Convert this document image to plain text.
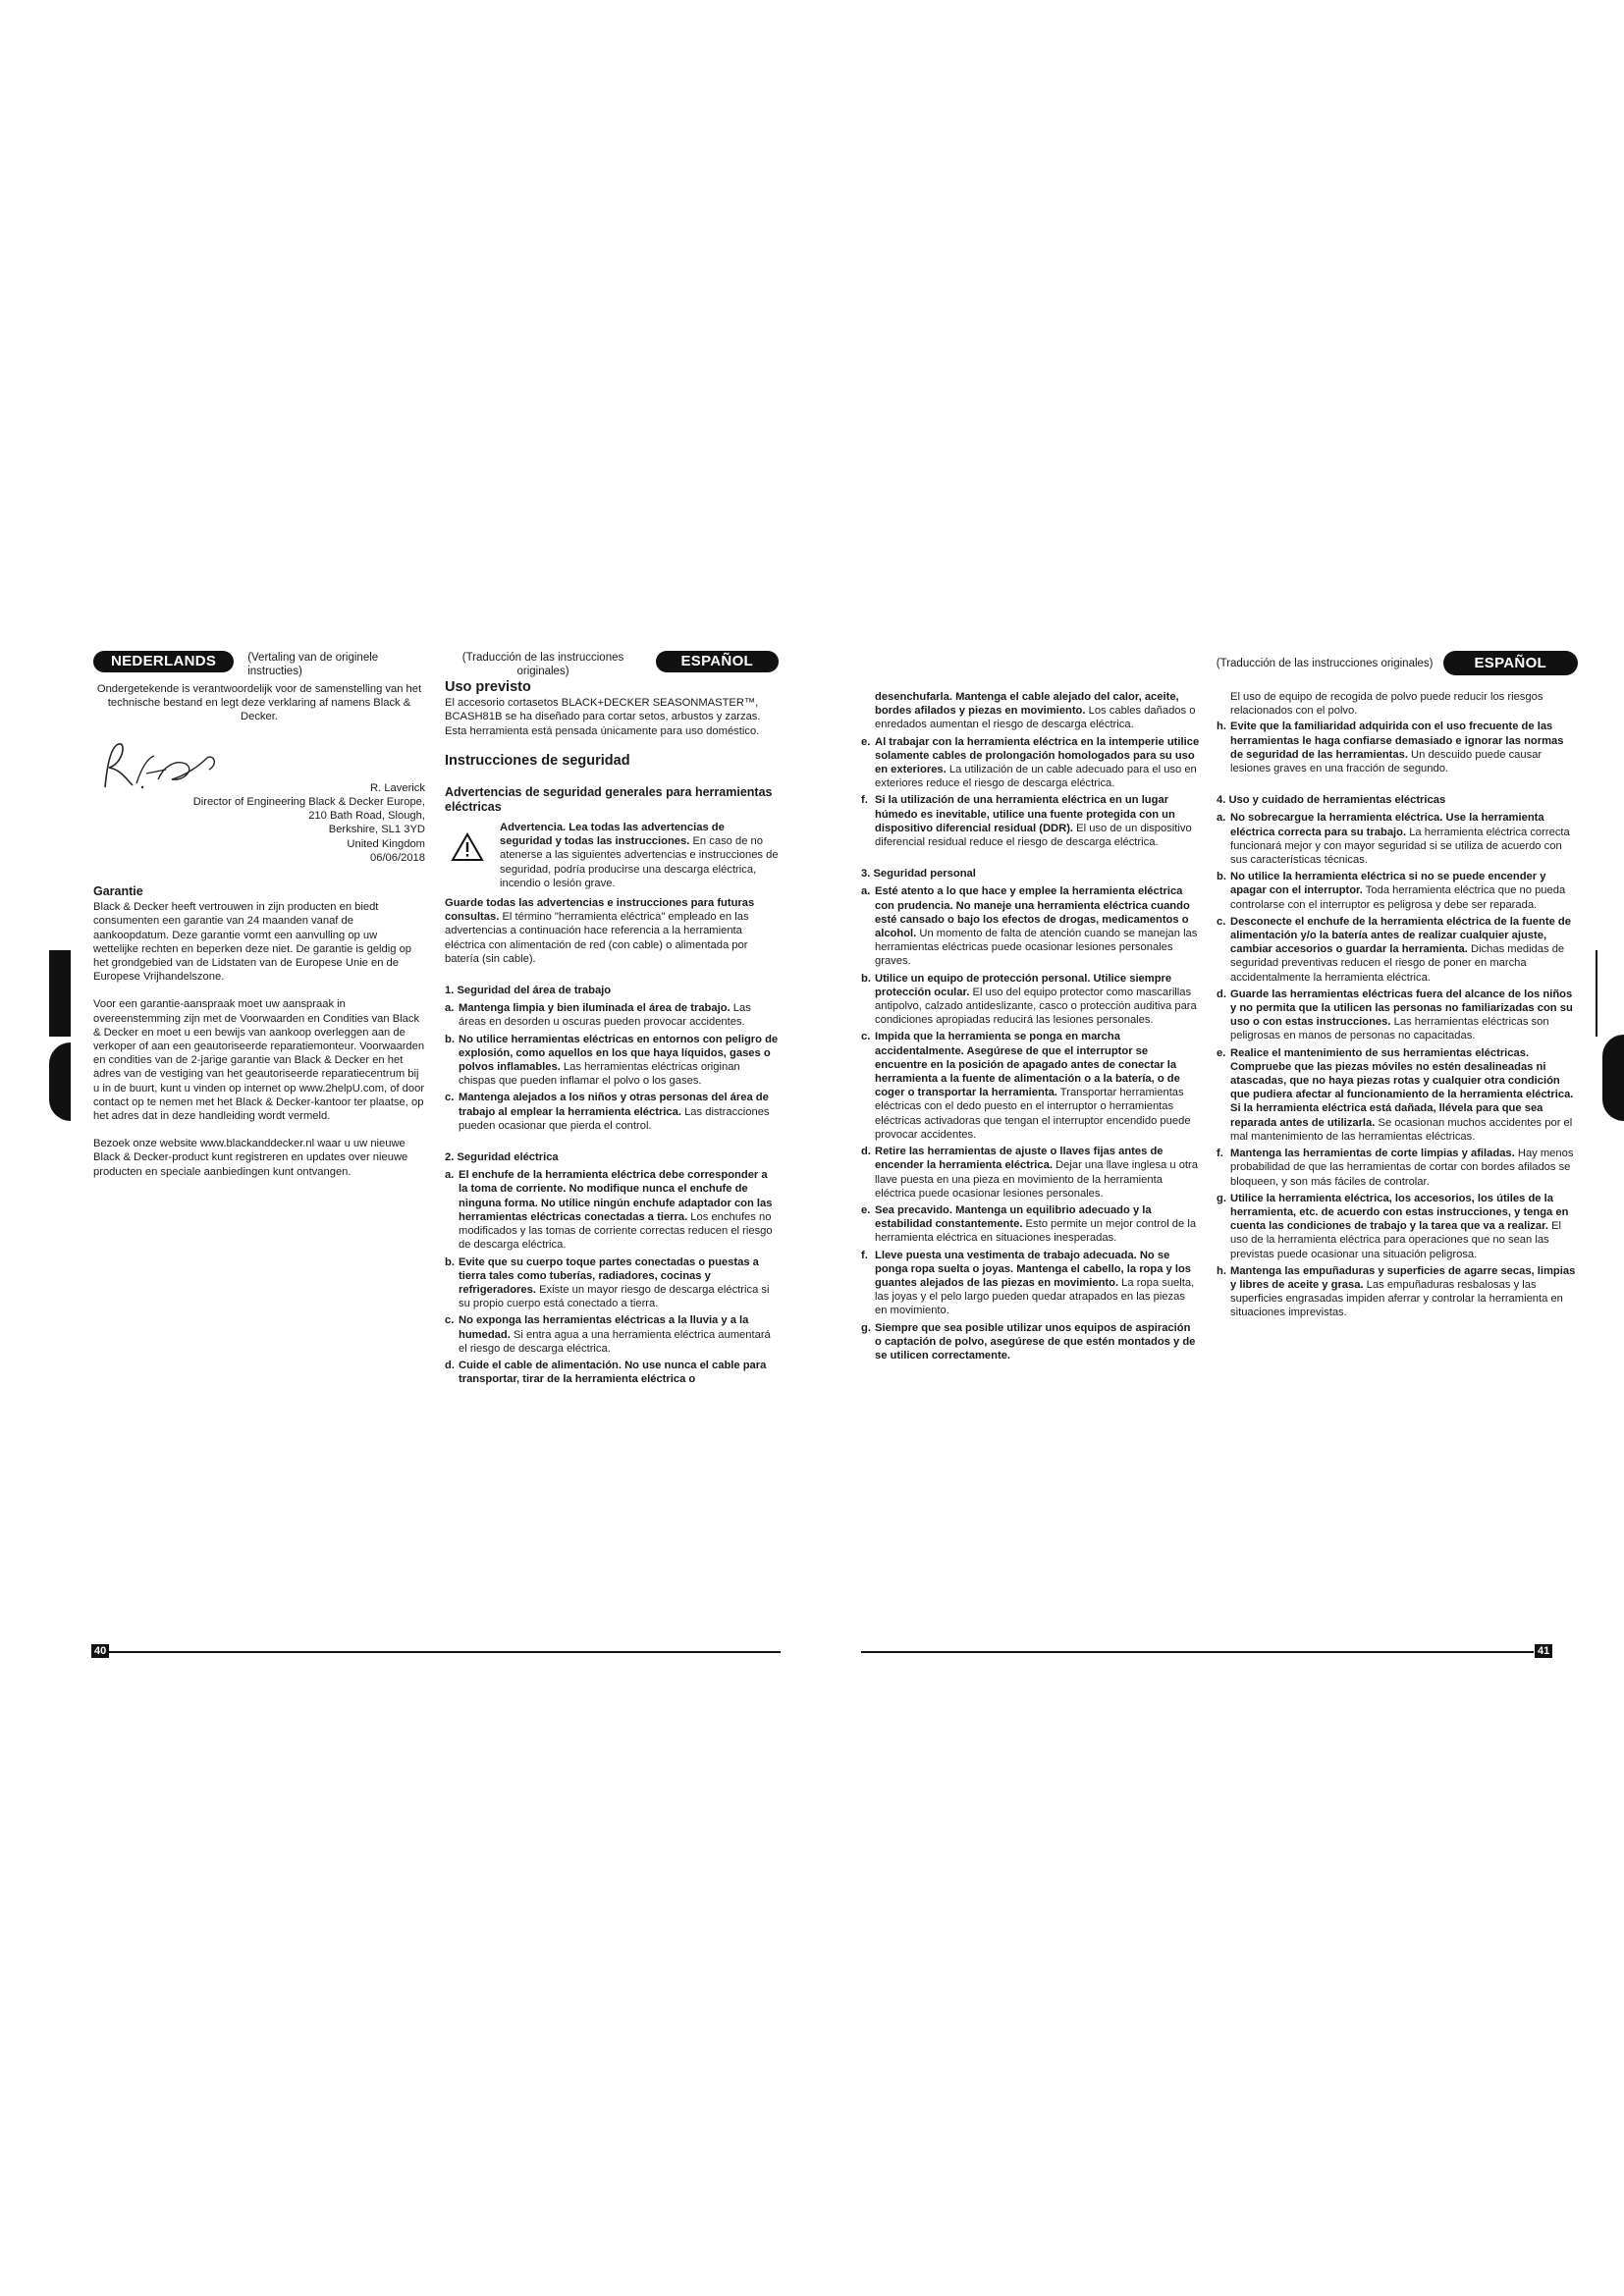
NEDERLANDS	(Vertaling van de originele
instructies)

Ondergetekende is verantwoordelijk voor de samenstelling van het technische bestand en legt deze verklaring af namens Black & Decker.

R. Laverick
Director of Engineering Black & Decker Europe,
210 Bath Road, Slough,
Berkshire, SL1 3YD
United Kingdom
06/06/2018
Garantie

Black & Decker heeft vertrouwen in zijn producten en biedt consumenten een garantie van 24 maanden vanaf de aankoopdatum. Deze garantie vormt een aanvulling op uw wettelijke rechten en beperken deze niet. De garantie is geldig op het grondgebied van de Lidstaten van de Europese Unie en de Europese Vrijhandelszone.

Voor een garantie-aanspraak moet uw aanspraak in overeenstemming zijn met de Voorwaarden en Condities van Black & Decker en moet u een bewijs van aankoop overleggen aan de verkoper of aan een geautoriseerde reparatiemonteur. Voorwaarden en condities van de 2-jarige garantie van Black & Decker en het adres van de vestiging van het geautoriseerde reparatiecentrum bij u in de buurt, kunt u vinden op internet op www.2helpU.com, of door contact op te nemen met het Black & Decker-kantoor ter plaatse, op het adres dat in deze handleiding wordt vermeld.

Bezoek onze website www.blackanddecker.nl waar u uw nieuwe Black & Decker-product kunt registreren en updates over nieuwe producten en speciale aanbiedingen kunt ontvangen.

(Traducción de las instrucciones
originales)
ESPAÑOL
Uso previsto

El accesorio cortasetos BLACK+DECKER SEASONMASTER™, BCASH81B se ha diseñado para cortar setos, arbustos y zarzas. Esta herramienta está pensada únicamente para uso doméstico.

Instrucciones de seguridad
Advertencias de seguridad generales para herramientas eléctricas
Advertencia. Lea todas las advertencias de seguridad y todas las instrucciones. En caso de no atenerse a las siguientes advertencias e instrucciones de seguridad, podría producirse una descarga eléctrica, incendio o lesión grave.

Guarde todas las advertencias e instrucciones para futuras consultas. El término "herramienta eléctrica" empleado en las advertencias a continuación hace referencia a la herramienta eléctrica con alimentación de red (con cable) o alimentada por batería (sin cable).

1. Seguridad del área de trabajo
a. Mantenga limpia y bien iluminada el área de trabajo. Las áreas en desorden u oscuras pueden provocar accidentes.
b. No utilice herramientas eléctricas en entornos con peligro de explosión, como aquellos en los que haya líquidos, gases o polvos inflamables. Las herramientas eléctricas originan chispas que pueden inflamar el polvo o los gases.
c. Mantenga alejados a los niños y otras personas del área de trabajo al emplear la herramienta eléctrica. Las distracciones pueden ocasionar que pierda el control.
2. Seguridad eléctrica
a. El enchufe de la herramienta eléctrica debe corresponder a la toma de corriente. No modifique nunca el enchufe de ninguna forma. No utilice ningún enchufe adaptador con las herramientas eléctricas conectadas a tierra. Los enchufes no modificados y las tomas de corriente correctas reducen el riesgo de descarga eléctrica.
b. Evite que su cuerpo toque partes conectadas o puestas a tierra tales como tuberías, radiadores, cocinas y refrigeradores. Existe un mayor riesgo de descarga eléctrica si su propio cuerpo está conectado a tierra.
c. No exponga las herramientas eléctricas a la lluvia y a la humedad. Si entra agua a una herramienta eléctrica aumentará el riesgo de descarga eléctrica.
d. Cuide el cable de alimentación. No use nunca el cable para transportar, tirar de la herramienta eléctrica o
40
(Traducción de las instrucciones originales)	ESPAÑOL
desenchufarla. Mantenga el cable alejado del calor, aceite, bordes afilados y piezas en movimiento. Los cables dañados o enredados aumentan el riesgo de descarga eléctrica.
e. Al trabajar con la herramienta eléctrica en la intemperie utilice solamente cables de prolongación homologados para su uso en exteriores. La utilización de un cable adecuado para el uso en exteriores reduce el riesgo de descarga eléctrica.
f. Si la utilización de una herramienta eléctrica en un lugar húmedo es inevitable, utilice una fuente protegida con un dispositivo diferencial residual (DDR). El uso de un dispositivo diferencial residual reduce el riesgo de descarga eléctrica.
3. Seguridad personal
a. Esté atento a lo que hace y emplee la herramienta eléctrica con prudencia. No maneje una herramienta eléctrica cuando esté cansado o bajo los efectos de drogas, medicamentos o alcohol. Un momento de falta de atención cuando se manejan las herramientas eléctricas puede ocasionar lesiones personales graves.
b. Utilice un equipo de protección personal. Utilice siempre protección ocular. El uso del equipo protector como mascarillas antipolvo, calzado antideslizante, casco o protección auditiva para condiciones apropiadas reducirá las lesiones personales.
c. Impida que la herramienta se ponga en marcha accidentalmente. Asegúrese de que el interruptor se encuentre en la posición de apagado antes de conectar la herramienta a la fuente de alimentación o a la batería, o de coger o transportar la herramienta. Transportar herramientas eléctricas con el dedo puesto en el interruptor o herramientas eléctricas activadoras que tengan el interruptor encendido puede provocar accidentes.
d. Retire las herramientas de ajuste o llaves fijas antes de encender la herramienta eléctrica. Dejar una llave inglesa u otra llave puesta en una pieza en movimiento de la herramienta eléctrica puede ocasionar lesiones personales.
e. Sea precavido. Mantenga un equilibrio adecuado y la estabilidad constantemente. Esto permite un mejor control de la herramienta eléctrica en situaciones inesperadas.
f. Lleve puesta una vestimenta de trabajo adecuada. No se ponga ropa suelta o joyas. Mantenga el cabello, la ropa y los guantes alejados de las piezas en movimiento. La ropa suelta, las joyas y el pelo largo pueden quedar atrapados en las piezas en movimiento.
g. Siempre que sea posible utilizar unos equipos de aspiración o captación de polvo, asegúrese de que estén montados y de se utilicen correctamente.
El uso de equipo de recogida de polvo puede reducir los riesgos relacionados con el polvo.
h. Evite que la familiaridad adquirida con el uso frecuente de las herramientas le haga confiarse demasiado e ignorar las normas de seguridad de las herramientas. Un descuido puede causar lesiones graves en una fracción de segundo.
4. Uso y cuidado de herramientas eléctricas
a. No sobrecargue la herramienta eléctrica. Use la herramienta eléctrica correcta para su trabajo. La herramienta eléctrica correcta funcionará mejor y con mayor seguridad si se utiliza de acuerdo con sus características técnicas.
b. No utilice la herramienta eléctrica si no se puede encender y apagar con el interruptor. Toda herramienta eléctrica que no pueda controlarse con el interruptor es peligrosa y debe ser reparada.
c. Desconecte el enchufe de la herramienta eléctrica de la fuente de alimentación y/o la batería antes de realizar cualquier ajuste, cambiar accesorios o guardar la herramienta. Dichas medidas de seguridad preventivas reducen el riesgo de poner en marcha accidentalmente la herramienta eléctrica.
d. Guarde las herramientas eléctricas fuera del alcance de los niños y no permita que la utilicen las personas no familiarizadas con su uso o con estas instrucciones. Las herramientas eléctricas son peligrosas en manos de personas no capacitadas.
e. Realice el mantenimiento de sus herramientas eléctricas. Compruebe que las piezas móviles no estén desalineadas ni atascadas, que no haya piezas rotas y cualquier otra condición que pudiera afectar al funcionamiento de la herramienta eléctrica. Si la herramienta eléctrica está dañada, llévela para que sea reparada antes de utilizarla. Se ocasionan muchos accidentes por el mal mantenimiento de las herramientas eléctricas.
f. Mantenga las herramientas de corte limpias y afiladas. Hay menos probabilidad de que las herramientas de cortar con bordes afilados se bloqueen, y son más fáciles de controlar.
g. Utilice la herramienta eléctrica, los accesorios, los útiles de la herramienta, etc. de acuerdo con estas instrucciones, y tenga en cuenta las condiciones de trabajo y la tarea que va a realizar. El uso de la herramienta eléctrica para operaciones que no sean las previstas puede ocasionar una situación peligrosa.
h. Mantenga las empuñaduras y superficies de agarre secas, limpias y libres de aceite y grasa. Las empuñaduras resbalosas y las superficies engrasadas impiden aferrar y controlar la herramienta en situaciones imprevistas.
41
